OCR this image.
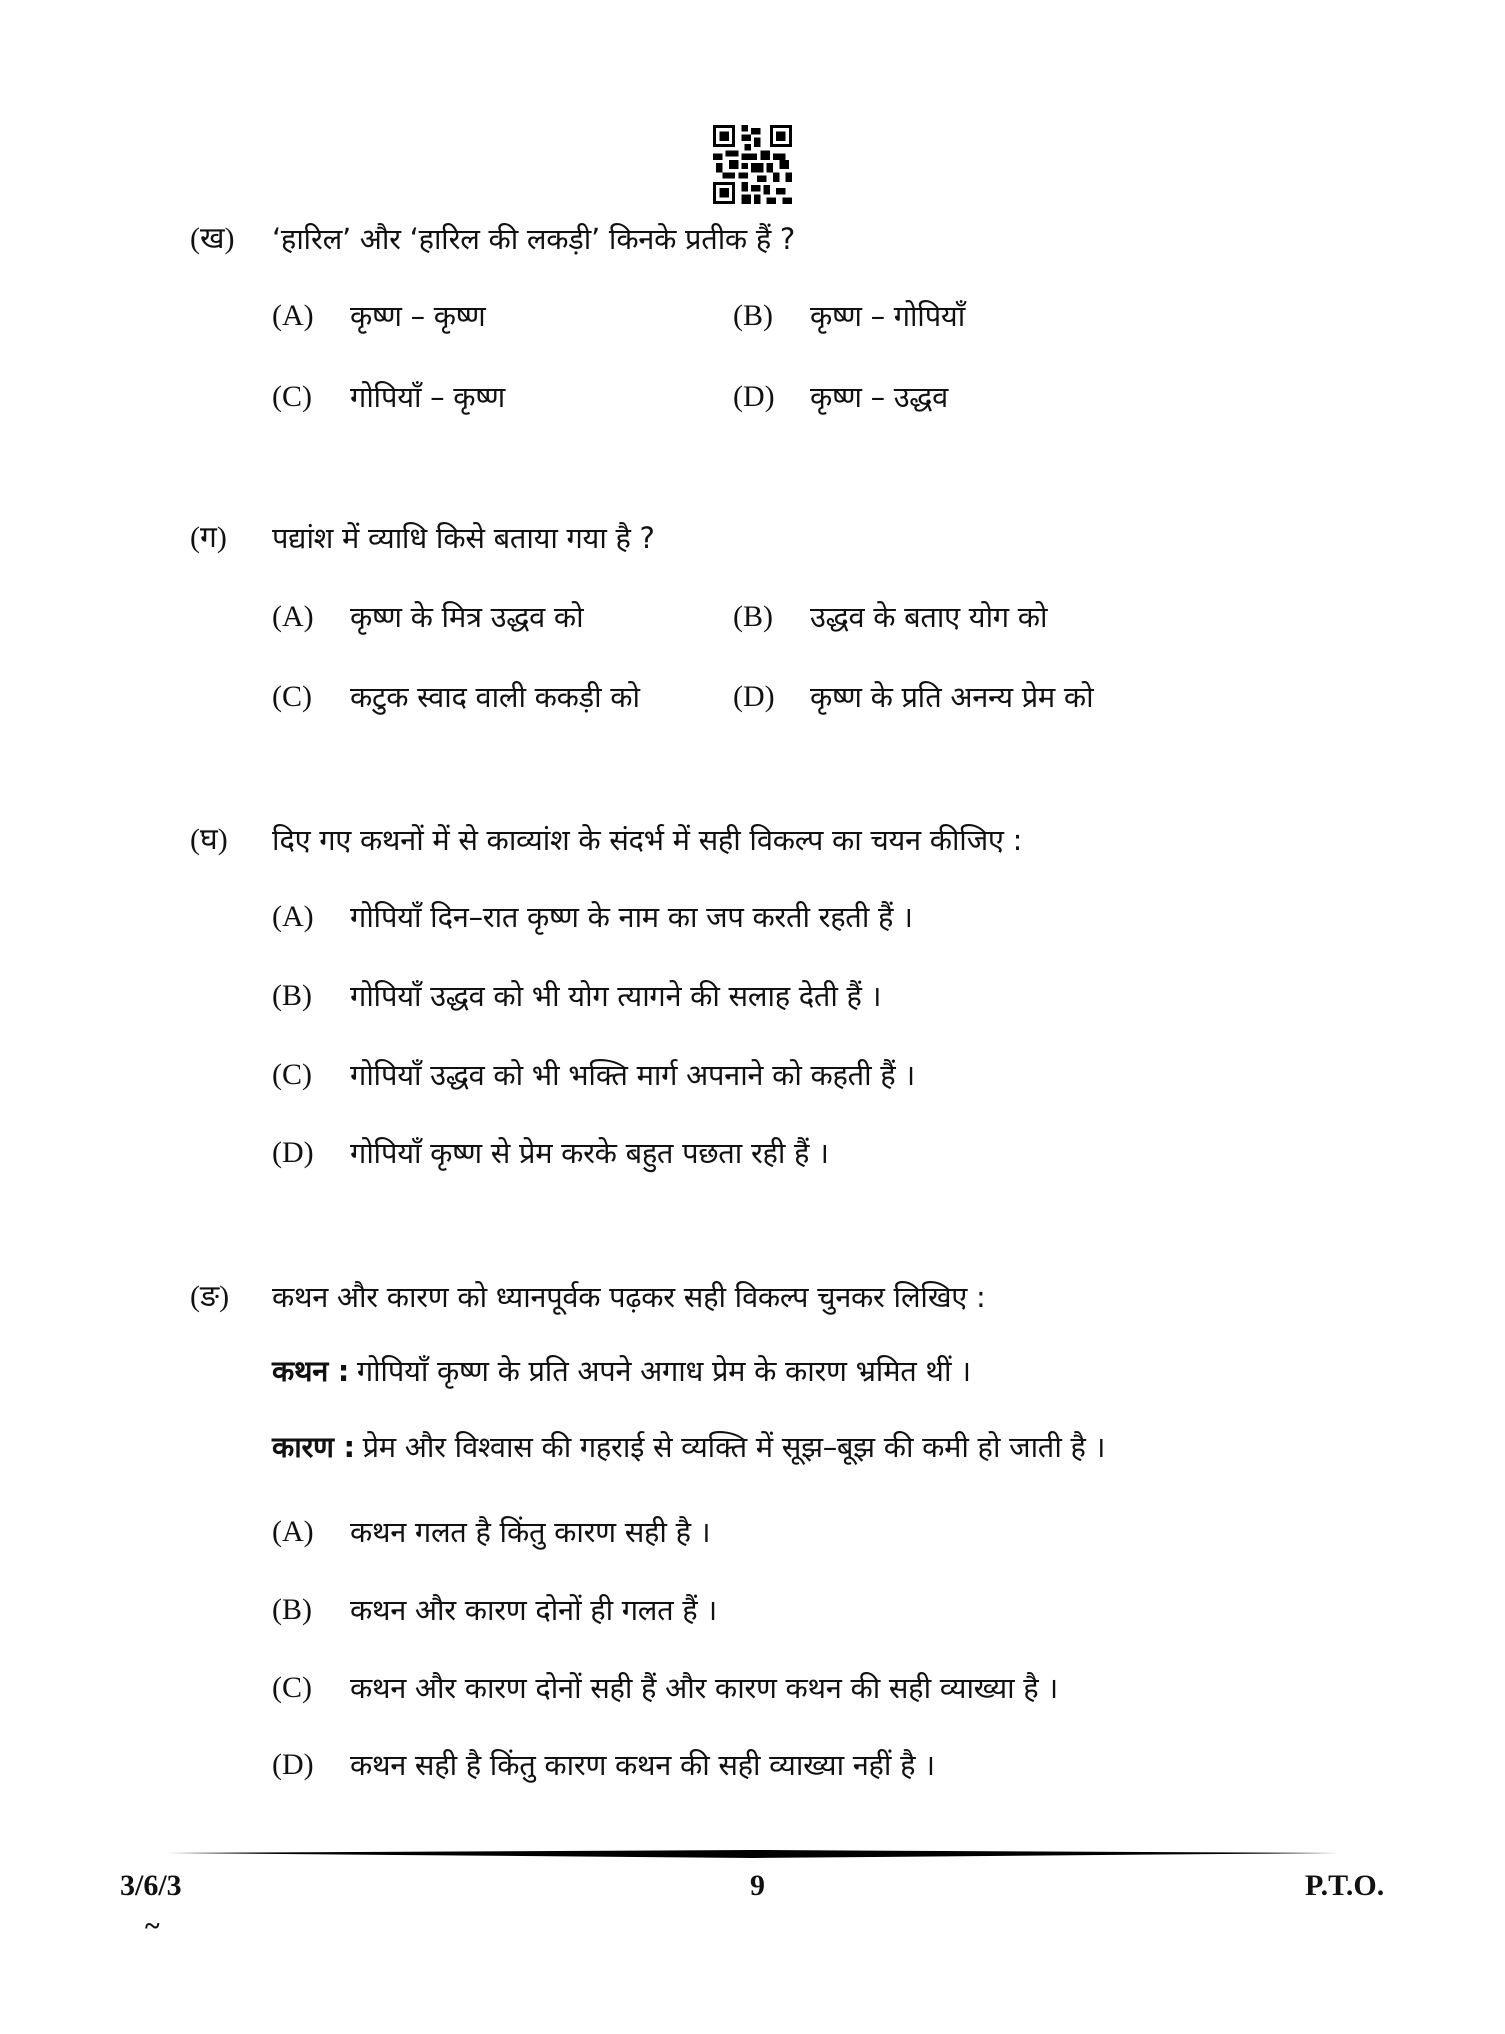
(ख) ‘हारिल’ और ‘हारिल की लकड़ी’ किनके प्रतीक हैं ?
(A) कृष्ण – कृष्ण	(B) कृष्ण – गोपियाँ
(C) गोपियाँ – कृष्ण	(D) कृष्ण – उद्धव
(ग) पद्यांश में व्याधि किसे बताया गया है ?
(A) कृष्ण के मित्र उद्धव को	(B) उद्धव के बताए योग को
(C) कटुक स्वाद वाली ककड़ी को	(D) कृष्ण के प्रति अनन्य प्रेम को
(घ) दिए गए कथनों में से काव्यांश के संदर्भ में सही विकल्प का चयन कीजिए :
(A) गोपियाँ दिन–रात कृष्ण के नाम का जप करती रहती हैं ।
(B) गोपियाँ उद्धव को भी योग त्यागने की सलाह देती हैं ।
(C) गोपियाँ उद्धव को भी भक्ति मार्ग अपनाने को कहती हैं ।
(D) गोपियाँ कृष्ण से प्रेम करके बहुत पछता रही हैं ।
(ङ) कथन और कारण को ध्यानपूर्वक पढ़कर सही विकल्प चुनकर लिखिए :
कथन :
गोपियाँ कृष्ण के प्रति अपने अगाध प्रेम के कारण भ्रमित थीं ।
कारण :
प्रेम और विश्वास की गहराई से व्यक्ति में सूझ–बूझ की कमी हो जाती है ।
(A) कथन गलत है किंतु कारण सही है ।
(B) कथन और कारण दोनों ही गलत हैं ।
(C) कथन और कारण दोनों सही हैं और कारण कथन की सही व्याख्या है ।
(D) कथन सही है किंतु कारण कथन की सही व्याख्या नहीं है ।
3/6/3	9	P.T.O.
~
